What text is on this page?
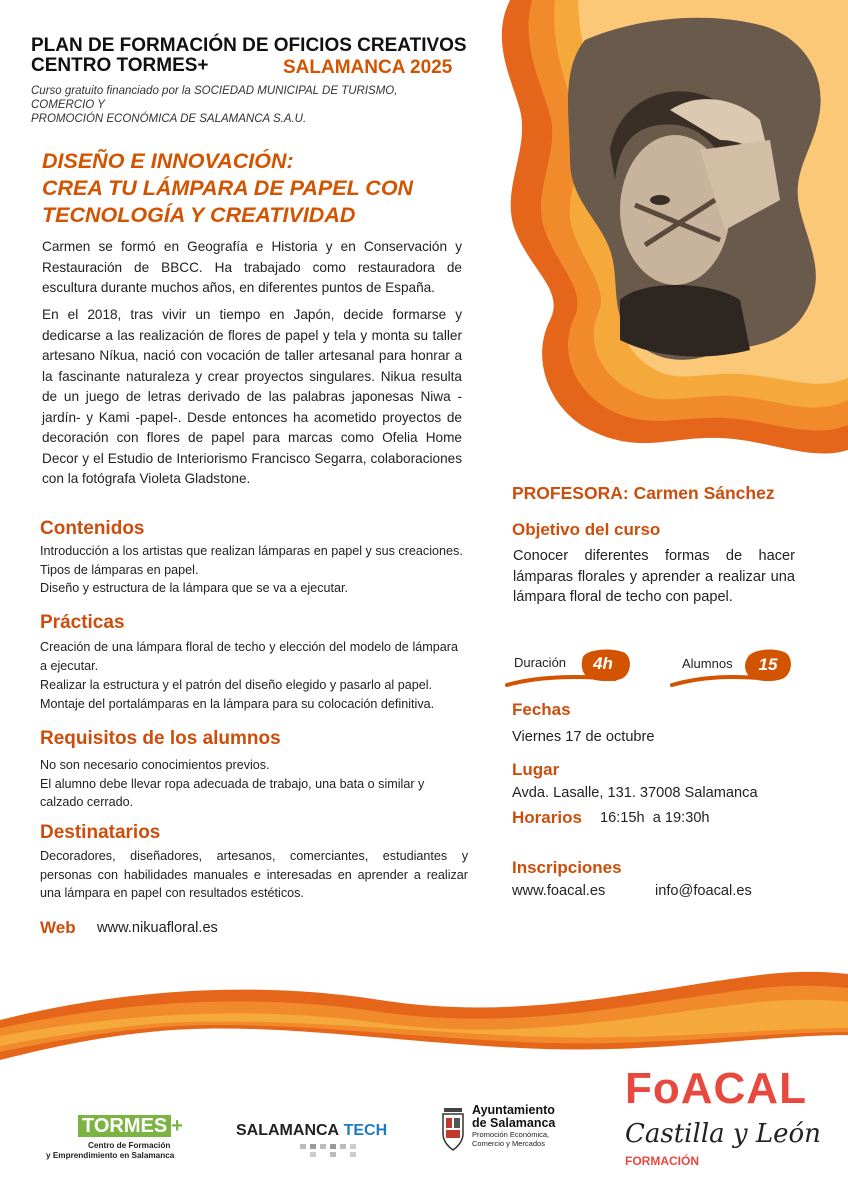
PLAN DE FORMACIÓN DE OFICIOS CREATIVOS
CENTRO TORMES+	SALAMANCA 2025
Curso gratuito financiado por la SOCIEDAD MUNICIPAL DE TURISMO, COMERCIO Y
PROMOCIÓN ECONÓMICA DE SALAMANCA S.A.U.
DISEÑO E INNOVACIÓN:
CREA TU LÁMPARA DE PAPEL CON
TECNOLOGÍA Y CREATIVIDAD
Carmen se formó en Geografía e Historia y en Conservación y Restauración de BBCC. Ha trabajado como restauradora de escultura durante muchos años, en diferentes puntos de España.
En el 2018, tras vivir un tiempo en Japón, decide formarse y dedicarse a las realización de flores de papel y tela y monta su taller artesano Níkua, nació con vocación de taller artesanal para honrar a la fascinante naturaleza y crear proyectos singulares. Nikua resulta de un juego de letras derivado de las palabras japonesas Niwa - jardín- y Kami -papel-. Desde entonces ha acometido proyectos de decoración con flores de papel para marcas como Ofelia Home Decor y el Estudio de Interiorismo Francisco Segarra, colaboraciones con la fotógrafa Violeta Gladstone.
Contenidos
Introducción a los artistas que realizan lámparas en papel y sus creaciones.
Tipos de lámparas en papel.
Diseño y estructura de la lámpara que se va a ejecutar.
Prácticas
Creación de una lámpara floral de techo y elección del modelo de lámpara a ejecutar.
Realizar la estructura y el patrón del diseño elegido y pasarlo al papel.
Montaje del portalámparas en la lámpara para su colocación definitiva.
Requisitos de los alumnos
No son necesario conocimientos previos.
El alumno debe llevar ropa adecuada de trabajo, una bata o similar y calzado cerrado.
Destinatarios
Decoradores, diseñadores, artesanos, comerciantes, estudiantes y personas con habilidades manuales e interesadas en aprender a realizar una lámpara en papel con resultados estéticos.
Web www.nikuafloral.es
PROFESORA: Carmen Sánchez
Objetivo del curso
Conocer diferentes formas de hacer lámparas florales y aprender a realizar una lámpara floral de techo con papel.
Duración	4h	Alumnos	15
Fechas
Viernes 17 de octubre
Lugar
Avda. Lasalle, 131. 37008 Salamanca
Horarios 16:15h  a 19:30h
Inscripciones
www.foacal.es	info@foacal.es
TORMES +
Centro de Formación
y Emprendimiento en Salamanca
SALAMANCA TECH
Ayuntamiento
de Salamanca
Promoción Económica,
Comercio y Mercados
FoACAL
Castilla y León
FORMACIÓN
